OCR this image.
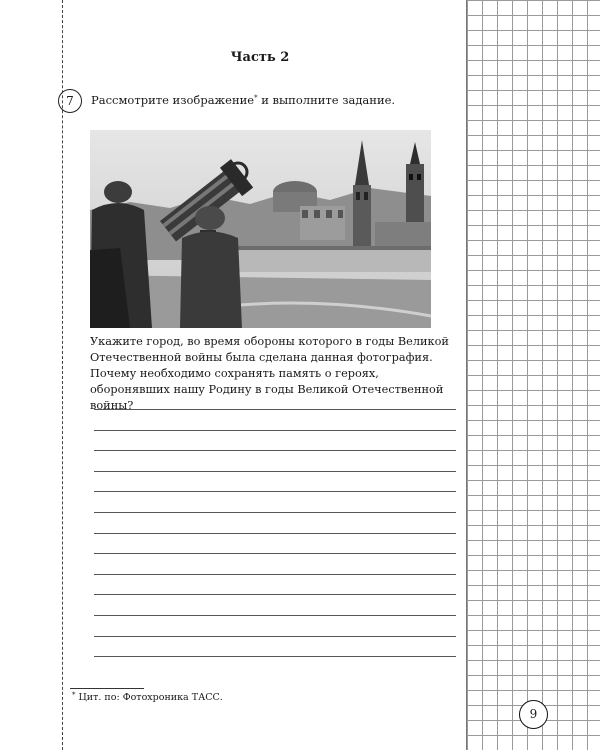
Часть 2
7	Рассмотрите изображение* и выполните задание.

Укажите город, во время обороны которого в годы Великой Отечественной войны была сделана данная фотография.

Почему необходимо сохранять память о героях, оборонявших нашу Родину в годы Великой Отечественной войны?

* Цит. по: Фотохроника ТАСС.
9
